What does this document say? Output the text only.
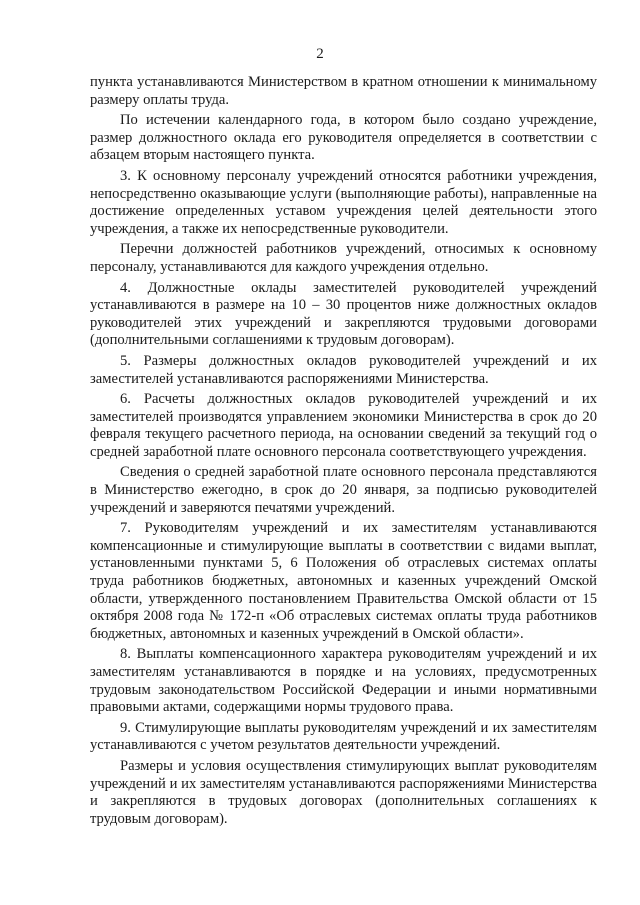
2

пункта устанавливаются Министерством в кратном отношении к минимальному размеру оплаты труда.

По истечении календарного года, в котором было создано учреждение, размер должностного оклада его руководителя определяется в соответствии с абзацем вторым настоящего пункта.

3. К основному персоналу учреждений относятся работники учреждения, непосредственно оказывающие услуги (выполняющие работы), направленные на достижение определенных уставом учреждения целей деятельности этого учреждения, а также их непосредственные руководители.

Перечни должностей работников учреждений, относимых к основному персоналу, устанавливаются для каждого учреждения отдельно.

4. Должностные оклады заместителей руководителей учреждений устанавливаются в размере на 10 – 30 процентов ниже должностных окладов руководителей этих учреждений и закрепляются трудовыми договорами (дополнительными соглашениями к трудовым договорам).

5. Размеры должностных окладов руководителей учреждений и их заместителей устанавливаются распоряжениями Министерства.

6. Расчеты должностных окладов руководителей учреждений и их заместителей производятся управлением экономики Министерства в срок до 20 февраля текущего расчетного периода, на основании сведений за текущий год о средней заработной плате основного персонала соответствующего учреждения.

Сведения о средней заработной плате основного персонала представляются в Министерство ежегодно, в срок до 20 января, за подписью руководителей учреждений и заверяются печатями учреждений.

7. Руководителям учреждений и их заместителям устанавливаются компенсационные и стимулирующие выплаты в соответствии с видами выплат, установленными пунктами 5, 6 Положения об отраслевых системах оплаты труда работников бюджетных, автономных и казенных учреждений Омской области, утвержденного постановлением Правительства Омской области от 15 октября 2008 года № 172-п «Об отраслевых системах оплаты труда работников бюджетных, автономных и казенных учреждений в Омской области».

8. Выплаты компенсационного характера руководителям учреждений и их заместителям устанавливаются в порядке и на условиях, предусмотренных трудовым законодательством Российской Федерации и иными нормативными правовыми актами, содержащими нормы трудового права.

9. Стимулирующие выплаты руководителям учреждений и их заместителям устанавливаются с учетом результатов деятельности учреждений.

Размеры и условия осуществления стимулирующих выплат руководителям учреждений и их заместителям устанавливаются распоряжениями Министерства и закрепляются в трудовых договорах (дополнительных соглашениях к трудовым договорам).
